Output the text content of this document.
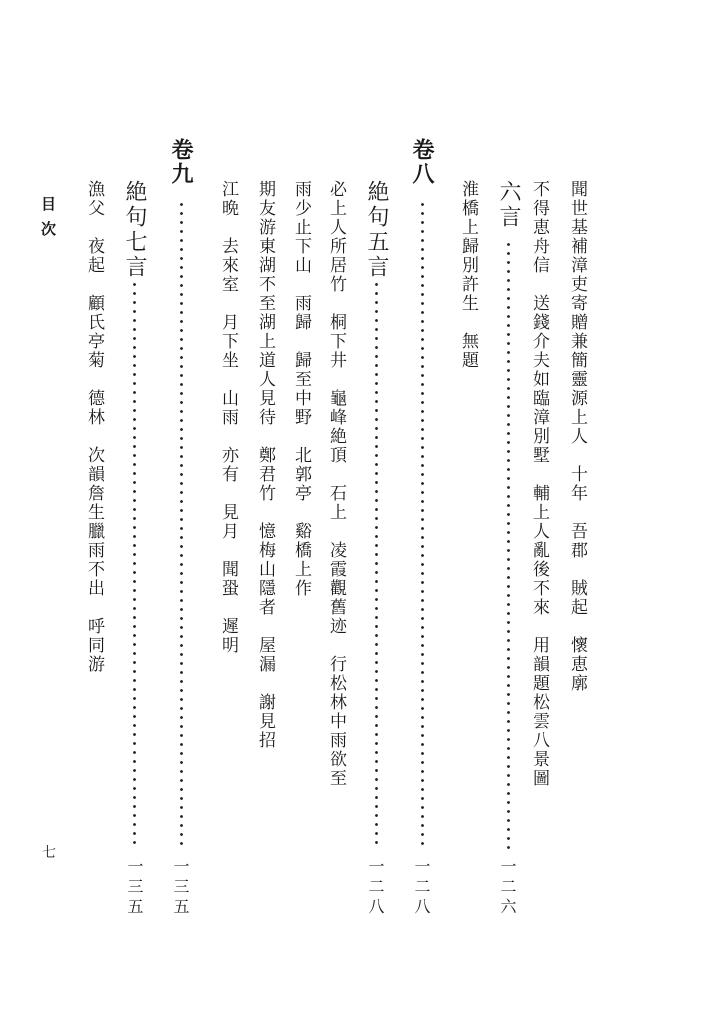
聞世基補漳吏寄贈兼簡靈源上人　十年　吾郡　賊起　懷恵廓
不得恵舟信　送錢介夫如臨漳別墅　輔上人亂後不來　用韻題松雲八景圖
六言
一二六
淮橋上歸別許生　無題
卷八
一二八
絶句五言
一二八
必上人所居竹　桐下井　龜峰絶頂　石上　凌霞觀舊迹　行松林中雨欲至
雨少止下山　雨歸　歸至中野　北郭亭　谿橋上作
期友游東湖不至湖上道人見待　鄭君竹　憶梅山隱者　屋漏　謝見招
江晩　去來室　月下坐　山雨　亦有　見月　聞蛩　遲明
卷九
一三五
絶句七言
一三五
漁父　夜起　顧氏亭菊　德林　次韻詹生臘雨不出　呼同游
目次
七
